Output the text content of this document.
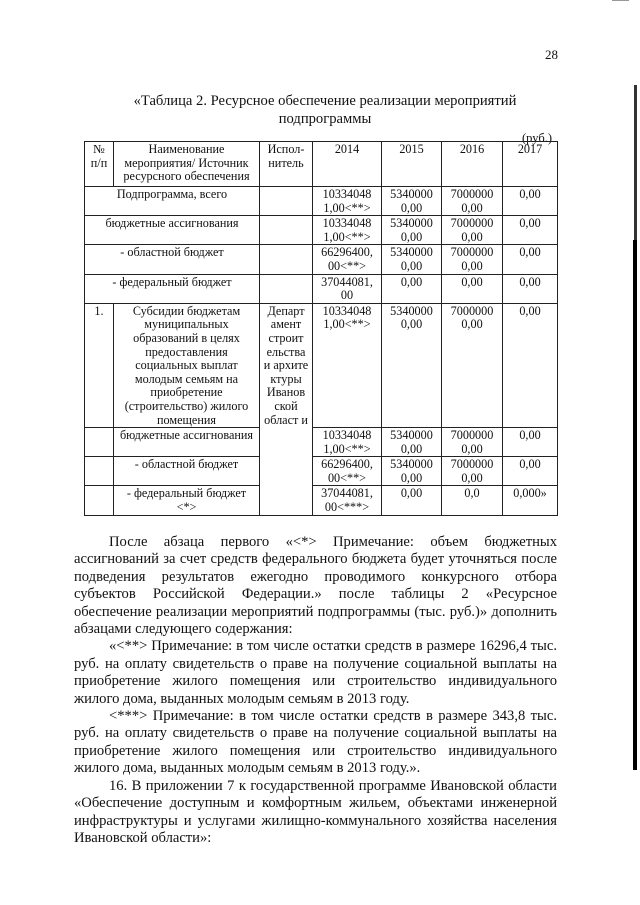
28
«Таблица 2. Ресурсное обеспечение реализации мероприятий
подпрограммы
(руб.)
№ п/п	Наименование мероприятия/ Источник ресурсного обеспечения	Испол-нитель	2014	2015	2016	2017
Подпрограмма, всего			10334048 1,00<**>	5340000 0,00	7000000 0,00	0,00
бюджетные ассигнования			10334048 1,00<**>	5340000 0,00	7000000 0,00	0,00
- областной бюджет			66296400, 00<**>	5340000 0,00	7000000 0,00	0,00
- федеральный бюджет			37044081, 00	0,00	0,00	0,00
1.	Субсидии бюджетам муниципальных образований в целях предоставления социальных выплат молодым семьям на приобретение (строительство) жилого помещения	Департ амент строит ельства и архите ктуры Иванов ской област и	10334048 1,00<**>	5340000 0,00	7000000 0,00	0,00
	бюджетные ассигнования		10334048 1,00<**>	5340000 0,00	7000000 0,00	0,00
	- областной бюджет		66296400, 00<**>	5340000 0,00	7000000 0,00	0,00
	- федеральный бюджет <*>		37044081, 00<***>	0,00	0,0	0,000»

После абзаца первого «<*> Примечание: объем бюджетных ассигнований за счет средств федерального бюджета будет уточняться после подведения результатов ежегодно проводимого конкурсного отбора субъектов Российской Федерации.» после таблицы 2 «Ресурсное обеспечение реализации мероприятий подпрограммы (тыс. руб.)» дополнить абзацами следующего содержания:

«<**> Примечание: в том числе остатки средств в размере 16296,4 тыс. руб. на оплату свидетельств о праве на получение социальной выплаты на приобретение жилого помещения или строительство индивидуального жилого дома, выданных молодым семьям в 2013 году.

<***> Примечание: в том числе остатки средств в размере 343,8 тыс. руб. на оплату свидетельств о праве на получение социальной выплаты на приобретение жилого помещения или строительство индивидуального жилого дома, выданных молодым семьям в 2013 году.».

16. В приложении 7 к государственной программе Ивановской области «Обеспечение доступным и комфортным жильем, объектами инженерной инфраструктуры и услугами жилищно-коммунального хозяйства населения Ивановской области»:
